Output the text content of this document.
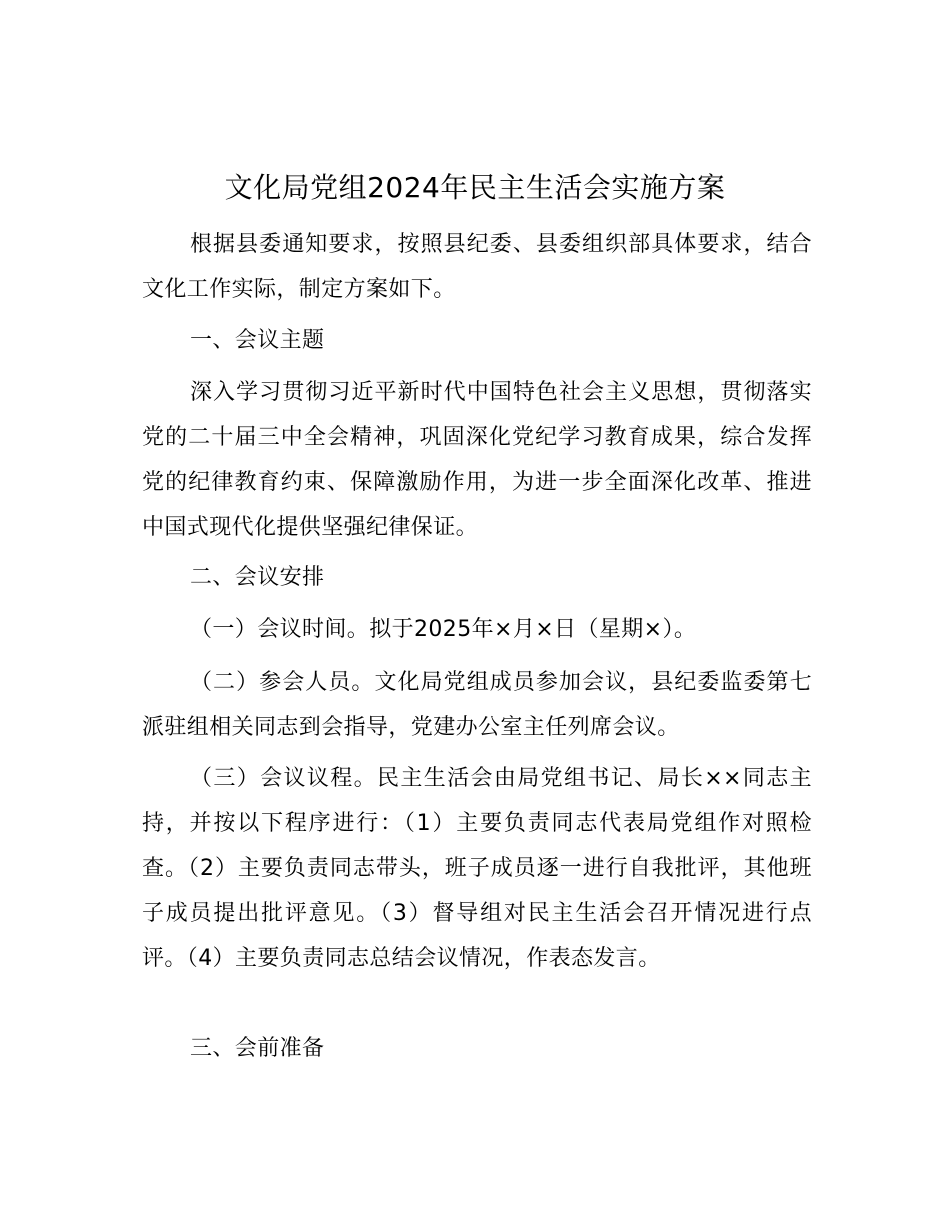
文化局党组2024年民主生活会实施方案

根据县委通知要求，按照县纪委、县委组织部具体要求，结合文化工作实际，制定方案如下。

一、会议主题

深入学习贯彻习近平新时代中国特色社会主义思想，贯彻落实党的二十届三中全会精神，巩固深化党纪学习教育成果，综合发挥党的纪律教育约束、保障激励作用，为进一步全面深化改革、推进中国式现代化提供坚强纪律保证。

二、会议安排

（一）会议时间。拟于2025年×月×日（星期×）。

（二）参会人员。文化局党组成员参加会议，县纪委监委第七派驻组相关同志到会指导，党建办公室主任列席会议。

（三）会议议程。民主生活会由局党组书记、局长××同志主持，并按以下程序进行：（1）主要负责同志代表局党组作对照检查。（2）主要负责同志带头，班子成员逐一进行自我批评，其他班子成员提出批评意见。（3）督导组对民主生活会召开情况进行点评。（4）主要负责同志总结会议情况，作表态发言。

三、会前准备
